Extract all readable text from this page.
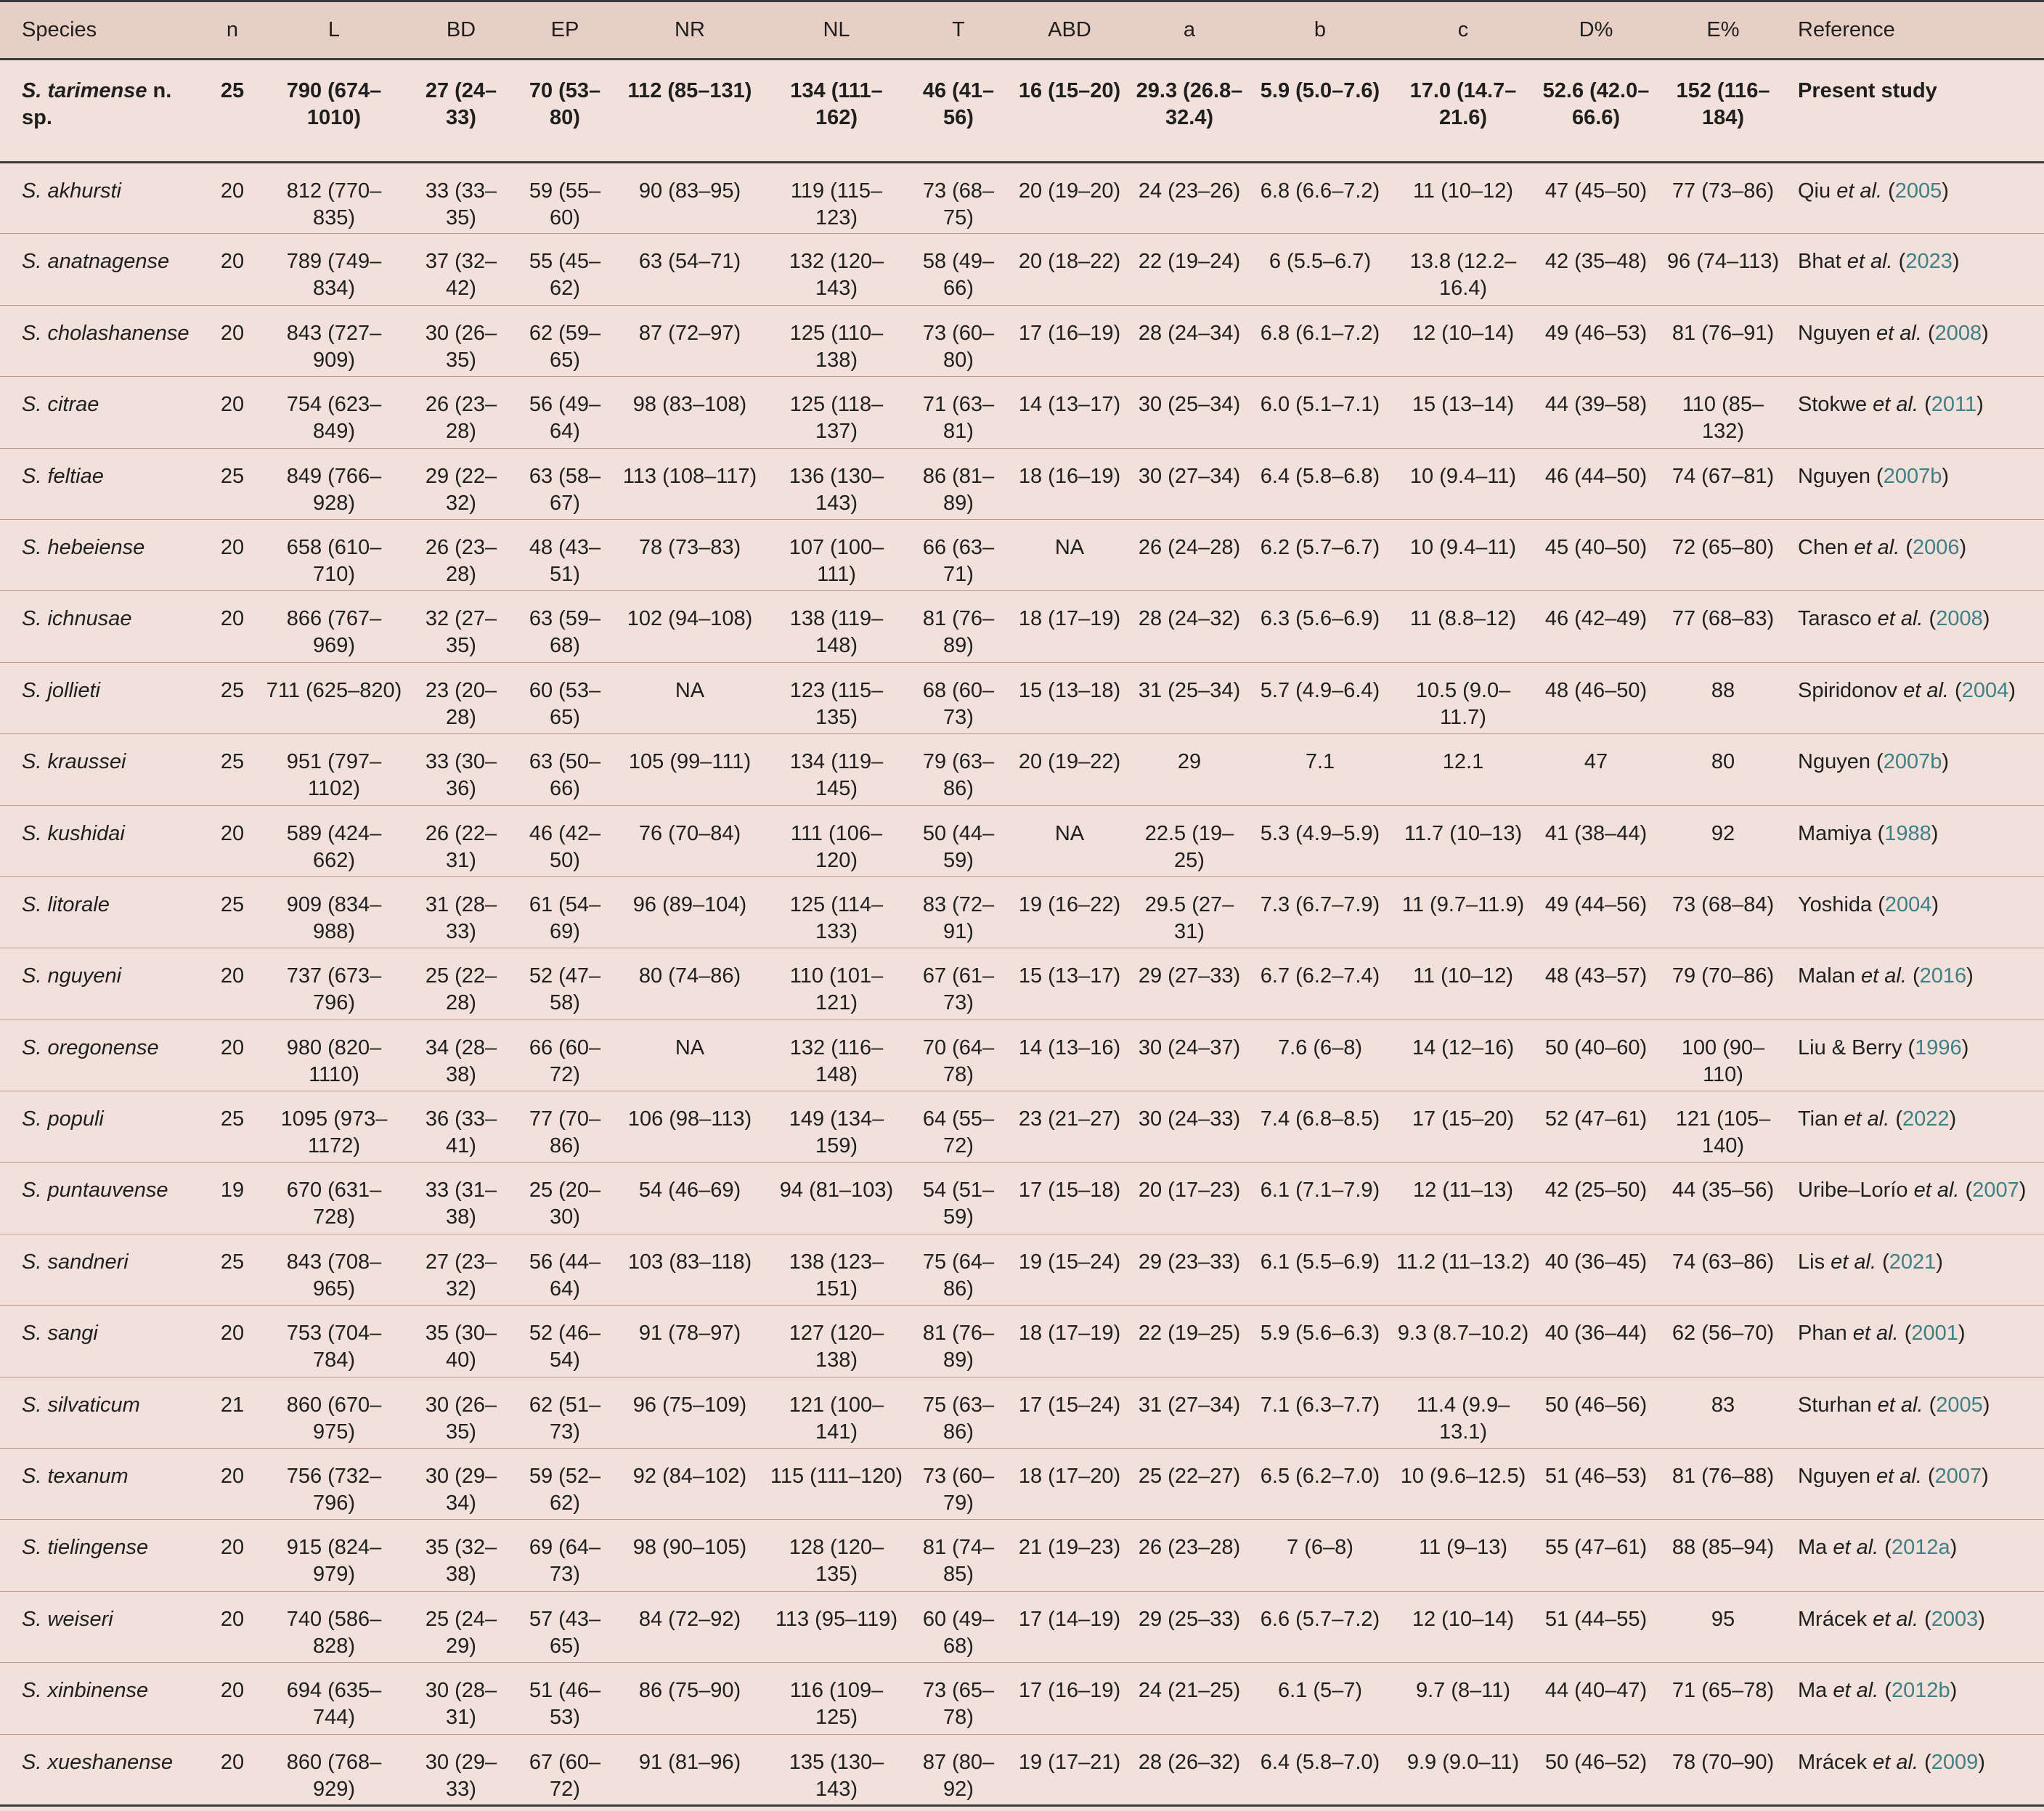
Species	n	L	BD	EP	NR	NL	T	ABD	a	b	c	D%	E%	Reference
S. tarimense n. sp.	25	790 (674–1010)	27 (24–33)	70 (53–80)	112 (85–131)	134 (111–162)	46 (41–56)	16 (15–20)	29.3 (26.8–32.4)	5.9 (5.0–7.6)	17.0 (14.7–21.6)	52.6 (42.0–66.6)	152 (116–184)	Present study
S. akhursti	20	812 (770–835)	33 (33–35)	59 (55–60)	90 (83–95)	119 (115–123)	73 (68–75)	20 (19–20)	24 (23–26)	6.8 (6.6–7.2)	11 (10–12)	47 (45–50)	77 (73–86)	Qiu et al. (2005)
S. anatnagense	20	789 (749–834)	37 (32–42)	55 (45–62)	63 (54–71)	132 (120–143)	58 (49–66)	20 (18–22)	22 (19–24)	6 (5.5–6.7)	13.8 (12.2–16.4)	42 (35–48)	96 (74–113)	Bhat et al. (2023)
S. cholashanense	20	843 (727–909)	30 (26–35)	62 (59–65)	87 (72–97)	125 (110–138)	73 (60–80)	17 (16–19)	28 (24–34)	6.8 (6.1–7.2)	12 (10–14)	49 (46–53)	81 (76–91)	Nguyen et al. (2008)
S. citrae	20	754 (623–849)	26 (23–28)	56 (49–64)	98 (83–108)	125 (118–137)	71 (63–81)	14 (13–17)	30 (25–34)	6.0 (5.1–7.1)	15 (13–14)	44 (39–58)	110 (85–132)	Stokwe et al. (2011)
S. feltiae	25	849 (766–928)	29 (22–32)	63 (58–67)	113 (108–117)	136 (130–143)	86 (81–89)	18 (16–19)	30 (27–34)	6.4 (5.8–6.8)	10 (9.4–11)	46 (44–50)	74 (67–81)	Nguyen (2007b)
S. hebeiense	20	658 (610–710)	26 (23–28)	48 (43–51)	78 (73–83)	107 (100–111)	66 (63–71)	NA	26 (24–28)	6.2 (5.7–6.7)	10 (9.4–11)	45 (40–50)	72 (65–80)	Chen et al. (2006)
S. ichnusae	20	866 (767–969)	32 (27–35)	63 (59–68)	102 (94–108)	138 (119–148)	81 (76–89)	18 (17–19)	28 (24–32)	6.3 (5.6–6.9)	11 (8.8–12)	46 (42–49)	77 (68–83)	Tarasco et al. (2008)
S. jollieti	25	711 (625–820)	23 (20–28)	60 (53–65)	NA	123 (115–135)	68 (60–73)	15 (13–18)	31 (25–34)	5.7 (4.9–6.4)	10.5 (9.0–11.7)	48 (46–50)	88	Spiridonov et al. (2004)
S. kraussei	25	951 (797–1102)	33 (30–36)	63 (50–66)	105 (99–111)	134 (119–145)	79 (63–86)	20 (19–22)	29	7.1	12.1	47	80	Nguyen (2007b)
S. kushidai	20	589 (424–662)	26 (22–31)	46 (42–50)	76 (70–84)	111 (106–120)	50 (44–59)	NA	22.5 (19–25)	5.3 (4.9–5.9)	11.7 (10–13)	41 (38–44)	92	Mamiya (1988)
S. litorale	25	909 (834–988)	31 (28–33)	61 (54–69)	96 (89–104)	125 (114–133)	83 (72–91)	19 (16–22)	29.5 (27–31)	7.3 (6.7–7.9)	11 (9.7–11.9)	49 (44–56)	73 (68–84)	Yoshida (2004)
S. nguyeni	20	737 (673–796)	25 (22–28)	52 (47–58)	80 (74–86)	110 (101–121)	67 (61–73)	15 (13–17)	29 (27–33)	6.7 (6.2–7.4)	11 (10–12)	48 (43–57)	79 (70–86)	Malan et al. (2016)
S. oregonense	20	980 (820–1110)	34 (28–38)	66 (60–72)	NA	132 (116–148)	70 (64–78)	14 (13–16)	30 (24–37)	7.6 (6–8)	14 (12–16)	50 (40–60)	100 (90–110)	Liu & Berry (1996)
S. populi	25	1095 (973–1172)	36 (33–41)	77 (70–86)	106 (98–113)	149 (134–159)	64 (55–72)	23 (21–27)	30 (24–33)	7.4 (6.8–8.5)	17 (15–20)	52 (47–61)	121 (105–140)	Tian et al. (2022)
S. puntauvense	19	670 (631–728)	33 (31–38)	25 (20–30)	54 (46–69)	94 (81–103)	54 (51–59)	17 (15–18)	20 (17–23)	6.1 (7.1–7.9)	12 (11–13)	42 (25–50)	44 (35–56)	Uribe–Lorío et al. (2007)
S. sandneri	25	843 (708–965)	27 (23–32)	56 (44–64)	103 (83–118)	138 (123–151)	75 (64–86)	19 (15–24)	29 (23–33)	6.1 (5.5–6.9)	11.2 (11–13.2)	40 (36–45)	74 (63–86)	Lis et al. (2021)
S. sangi	20	753 (704–784)	35 (30–40)	52 (46–54)	91 (78–97)	127 (120–138)	81 (76–89)	18 (17–19)	22 (19–25)	5.9 (5.6–6.3)	9.3 (8.7–10.2)	40 (36–44)	62 (56–70)	Phan et al. (2001)
S. silvaticum	21	860 (670–975)	30 (26–35)	62 (51–73)	96 (75–109)	121 (100–141)	75 (63–86)	17 (15–24)	31 (27–34)	7.1 (6.3–7.7)	11.4 (9.9–13.1)	50 (46–56)	83	Sturhan et al. (2005)
S. texanum	20	756 (732–796)	30 (29–34)	59 (52–62)	92 (84–102)	115 (111–120)	73 (60–79)	18 (17–20)	25 (22–27)	6.5 (6.2–7.0)	10 (9.6–12.5)	51 (46–53)	81 (76–88)	Nguyen et al. (2007)
S. tielingense	20	915 (824–979)	35 (32–38)	69 (64–73)	98 (90–105)	128 (120–135)	81 (74–85)	21 (19–23)	26 (23–28)	7 (6–8)	11 (9–13)	55 (47–61)	88 (85–94)	Ma et al. (2012a)
S. weiseri	20	740 (586–828)	25 (24–29)	57 (43–65)	84 (72–92)	113 (95–119)	60 (49–68)	17 (14–19)	29 (25–33)	6.6 (5.7–7.2)	12 (10–14)	51 (44–55)	95	Mrácek et al. (2003)
S. xinbinense	20	694 (635–744)	30 (28–31)	51 (46–53)	86 (75–90)	116 (109–125)	73 (65–78)	17 (16–19)	24 (21–25)	6.1 (5–7)	9.7 (8–11)	44 (40–47)	71 (65–78)	Ma et al. (2012b)
S. xueshanense	20	860 (768–929)	30 (29–33)	67 (60–72)	91 (81–96)	135 (130–143)	87 (80–92)	19 (17–21)	28 (26–32)	6.4 (5.8–7.0)	9.9 (9.0–11)	50 (46–52)	78 (70–90)	Mrácek et al. (2009)
